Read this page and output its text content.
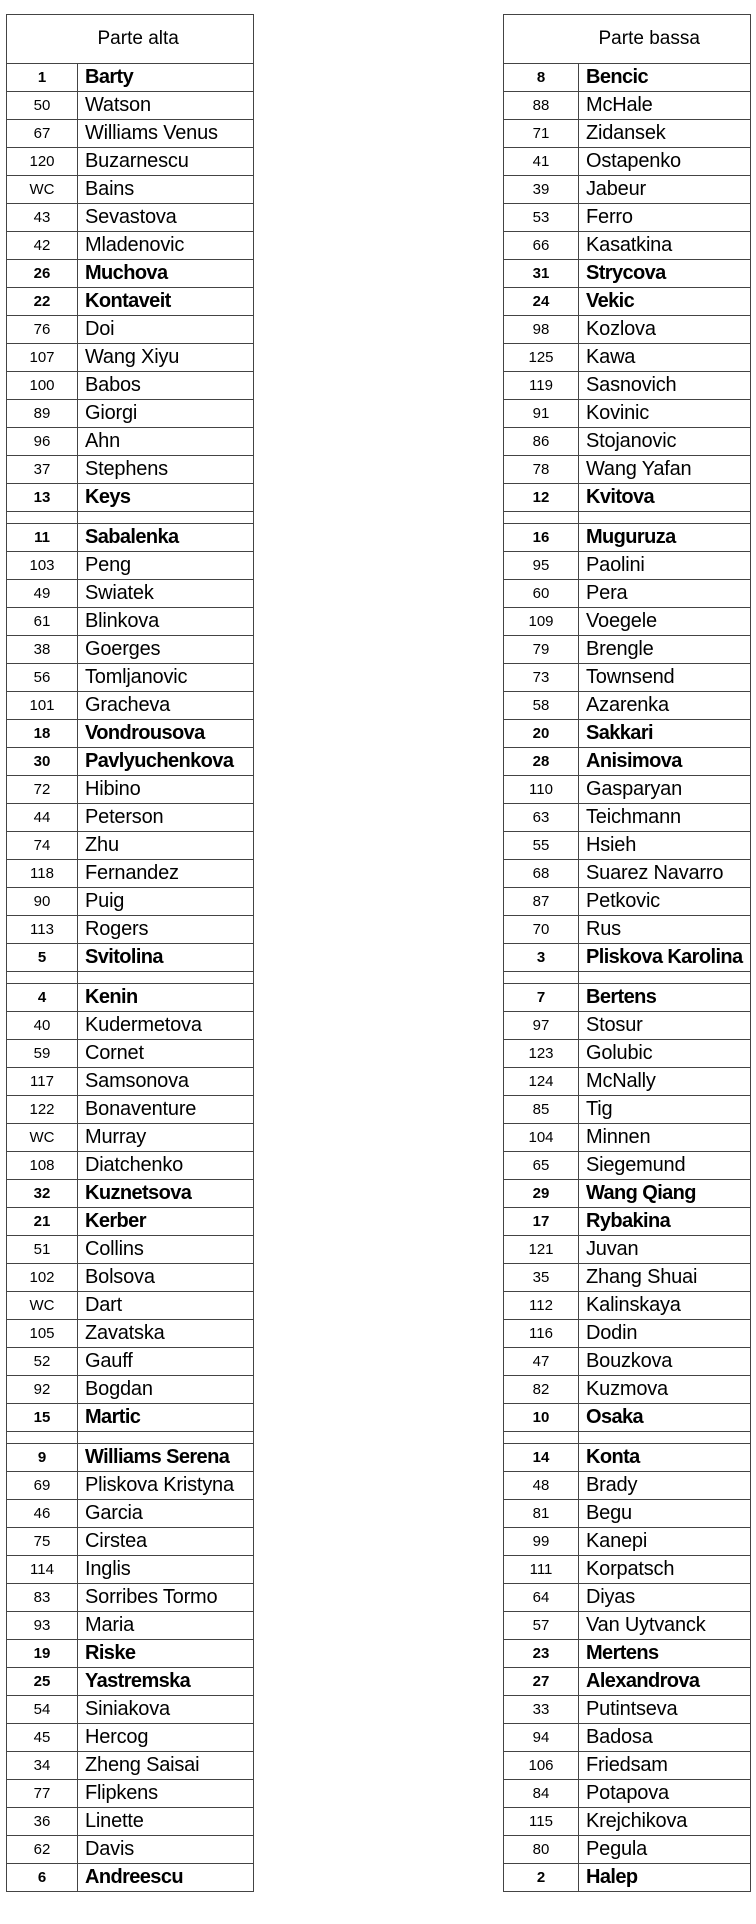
	Parte alta
1	Barty
50	Watson
67	Williams Venus
120	Buzarnescu
WC	Bains
43	Sevastova
42	Mladenovic
26	Muchova
22	Kontaveit
76	Doi
107	Wang Xiyu
100	Babos
89	Giorgi
96	Ahn
37	Stephens
13	Keys

11	Sabalenka
103	Peng
49	Swiatek
61	Blinkova
38	Goerges
56	Tomljanovic
101	Gracheva
18	Vondrousova
30	Pavlyuchenkova
72	Hibino
44	Peterson
74	Zhu
118	Fernandez
90	Puig
113	Rogers
5	Svitolina

4	Kenin
40	Kudermetova
59	Cornet
117	Samsonova
122	Bonaventure
WC	Murray
108	Diatchenko
32	Kuznetsova
21	Kerber
51	Collins
102	Bolsova
WC	Dart
105	Zavatska
52	Gauff
92	Bogdan
15	Martic

9	Williams Serena
69	Pliskova Kristyna
46	Garcia
75	Cirstea
114	Inglis
83	Sorribes Tormo
93	Maria
19	Riske
25	Yastremska
54	Siniakova
45	Hercog
34	Zheng Saisai
77	Flipkens
36	Linette
62	Davis
6	Andreescu
	Parte bassa
8	Bencic
88	McHale
71	Zidansek
41	Ostapenko
39	Jabeur
53	Ferro
66	Kasatkina
31	Strycova
24	Vekic
98	Kozlova
125	Kawa
119	Sasnovich
91	Kovinic
86	Stojanovic
78	Wang Yafan
12	Kvitova

16	Muguruza
95	Paolini
60	Pera
109	Voegele
79	Brengle
73	Townsend
58	Azarenka
20	Sakkari
28	Anisimova
110	Gasparyan
63	Teichmann
55	Hsieh
68	Suarez Navarro
87	Petkovic
70	Rus
3	Pliskova Karolina

7	Bertens
97	Stosur
123	Golubic
124	McNally
85	Tig
104	Minnen
65	Siegemund
29	Wang Qiang
17	Rybakina
121	Juvan
35	Zhang Shuai
112	Kalinskaya
116	Dodin
47	Bouzkova
82	Kuzmova
10	Osaka

14	Konta
48	Brady
81	Begu
99	Kanepi
111	Korpatsch
64	Diyas
57	Van Uytvanck
23	Mertens
27	Alexandrova
33	Putintseva
94	Badosa
106	Friedsam
84	Potapova
115	Krejchikova
80	Pegula
2	Halep
